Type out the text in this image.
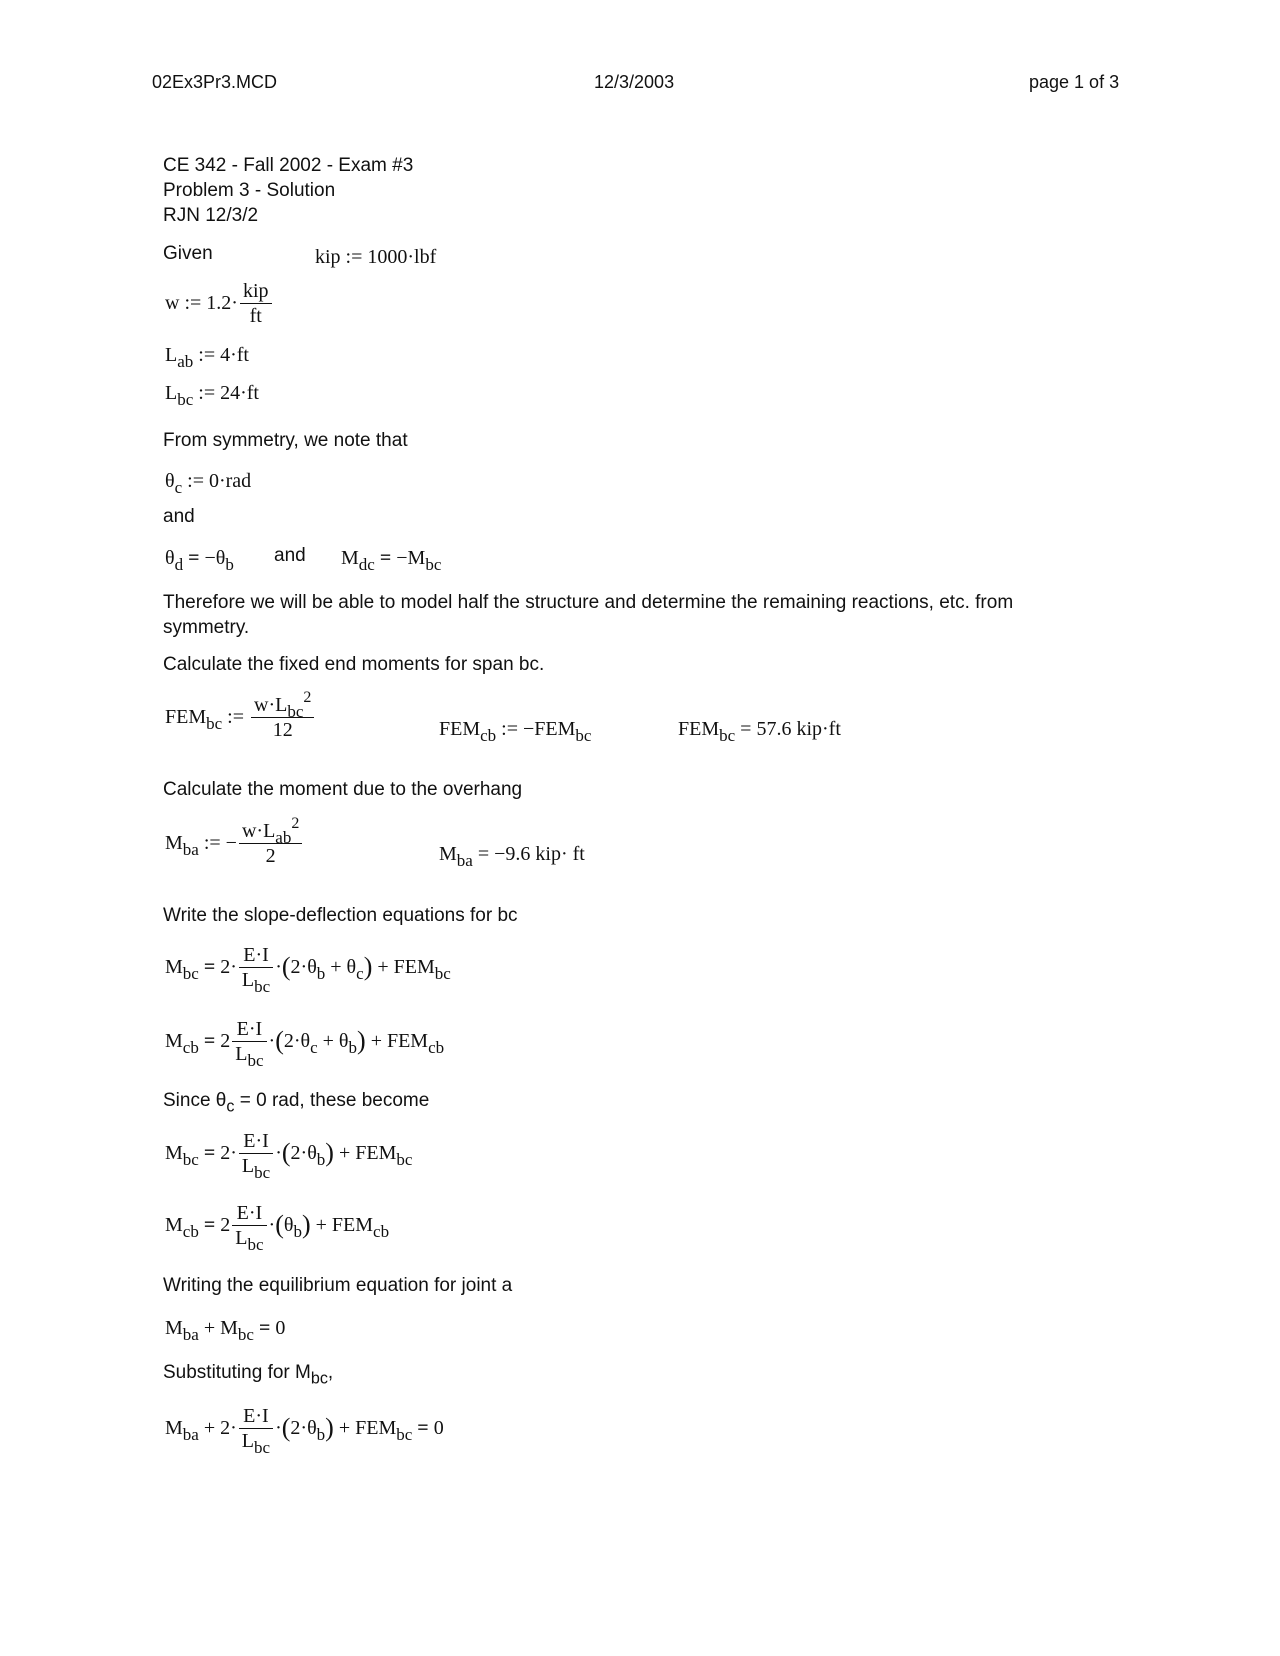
02Ex3Pr3.MCD	12/3/2003	page 1 of 3
CE 342 - Fall 2002 - Exam #3
Problem 3 - Solution
RJN 12/3/2
Given	kip := 1000·lbf
w := $1.2\cdot \frac{\text{kip}}{ft}$
$L_{ab}$ := 4·ft
$L_{bc}$ := 24·ft
From symmetry, we note that
$\theta_c$ := 0·rad
and
$\theta_d = -\theta_b$ and $M_{dc} = -M_{bc}$
Therefore we will be able to model half the structure and determine the remaining reactions, etc. from symmetry.
Calculate the fixed end moments for span bc.
$FEM_{bc}$ := $\frac{w\cdot L_{bc}^2}{12}$	$FEM_{cb}$ := $-FEM_{bc}$	$FEM_{bc} = 57.6$ kip·ft
Calculate the moment due to the overhang
$M_{ba}$ := − $\frac{w\cdot L_{ab}^2}{2}$	$M_{ba} = -9.6$ kip· ft
Write the slope-deflection equations for bc
$M_{bc} = 2\cdot \frac{E\cdot I}{L_{bc}} \cdot(2\cdot\theta_b + \theta_c) + FEM_{bc}$
$M_{cb} = 2 \frac{E\cdot I}{L_{bc}} \cdot(2\cdot\theta_c + \theta_b) + FEM_{cb}$
Since $\theta_c = 0$ rad, these become
$M_{bc} = 2\cdot \frac{E\cdot I}{L_{bc}} \cdot(2\cdot\theta_b) + FEM_{bc}$
$M_{cb} = 2 \frac{E\cdot I}{L_{bc}} \cdot(\theta_b) + FEM_{cb}$
Writing the equilibrium equation for joint a
$M_{ba} + M_{bc} = 0$
Substituting for $M_{bc}$,
$M_{ba} + 2\cdot \frac{E\cdot I}{L_{bc}} \cdot(2\cdot\theta_b) + FEM_{bc} = 0$
